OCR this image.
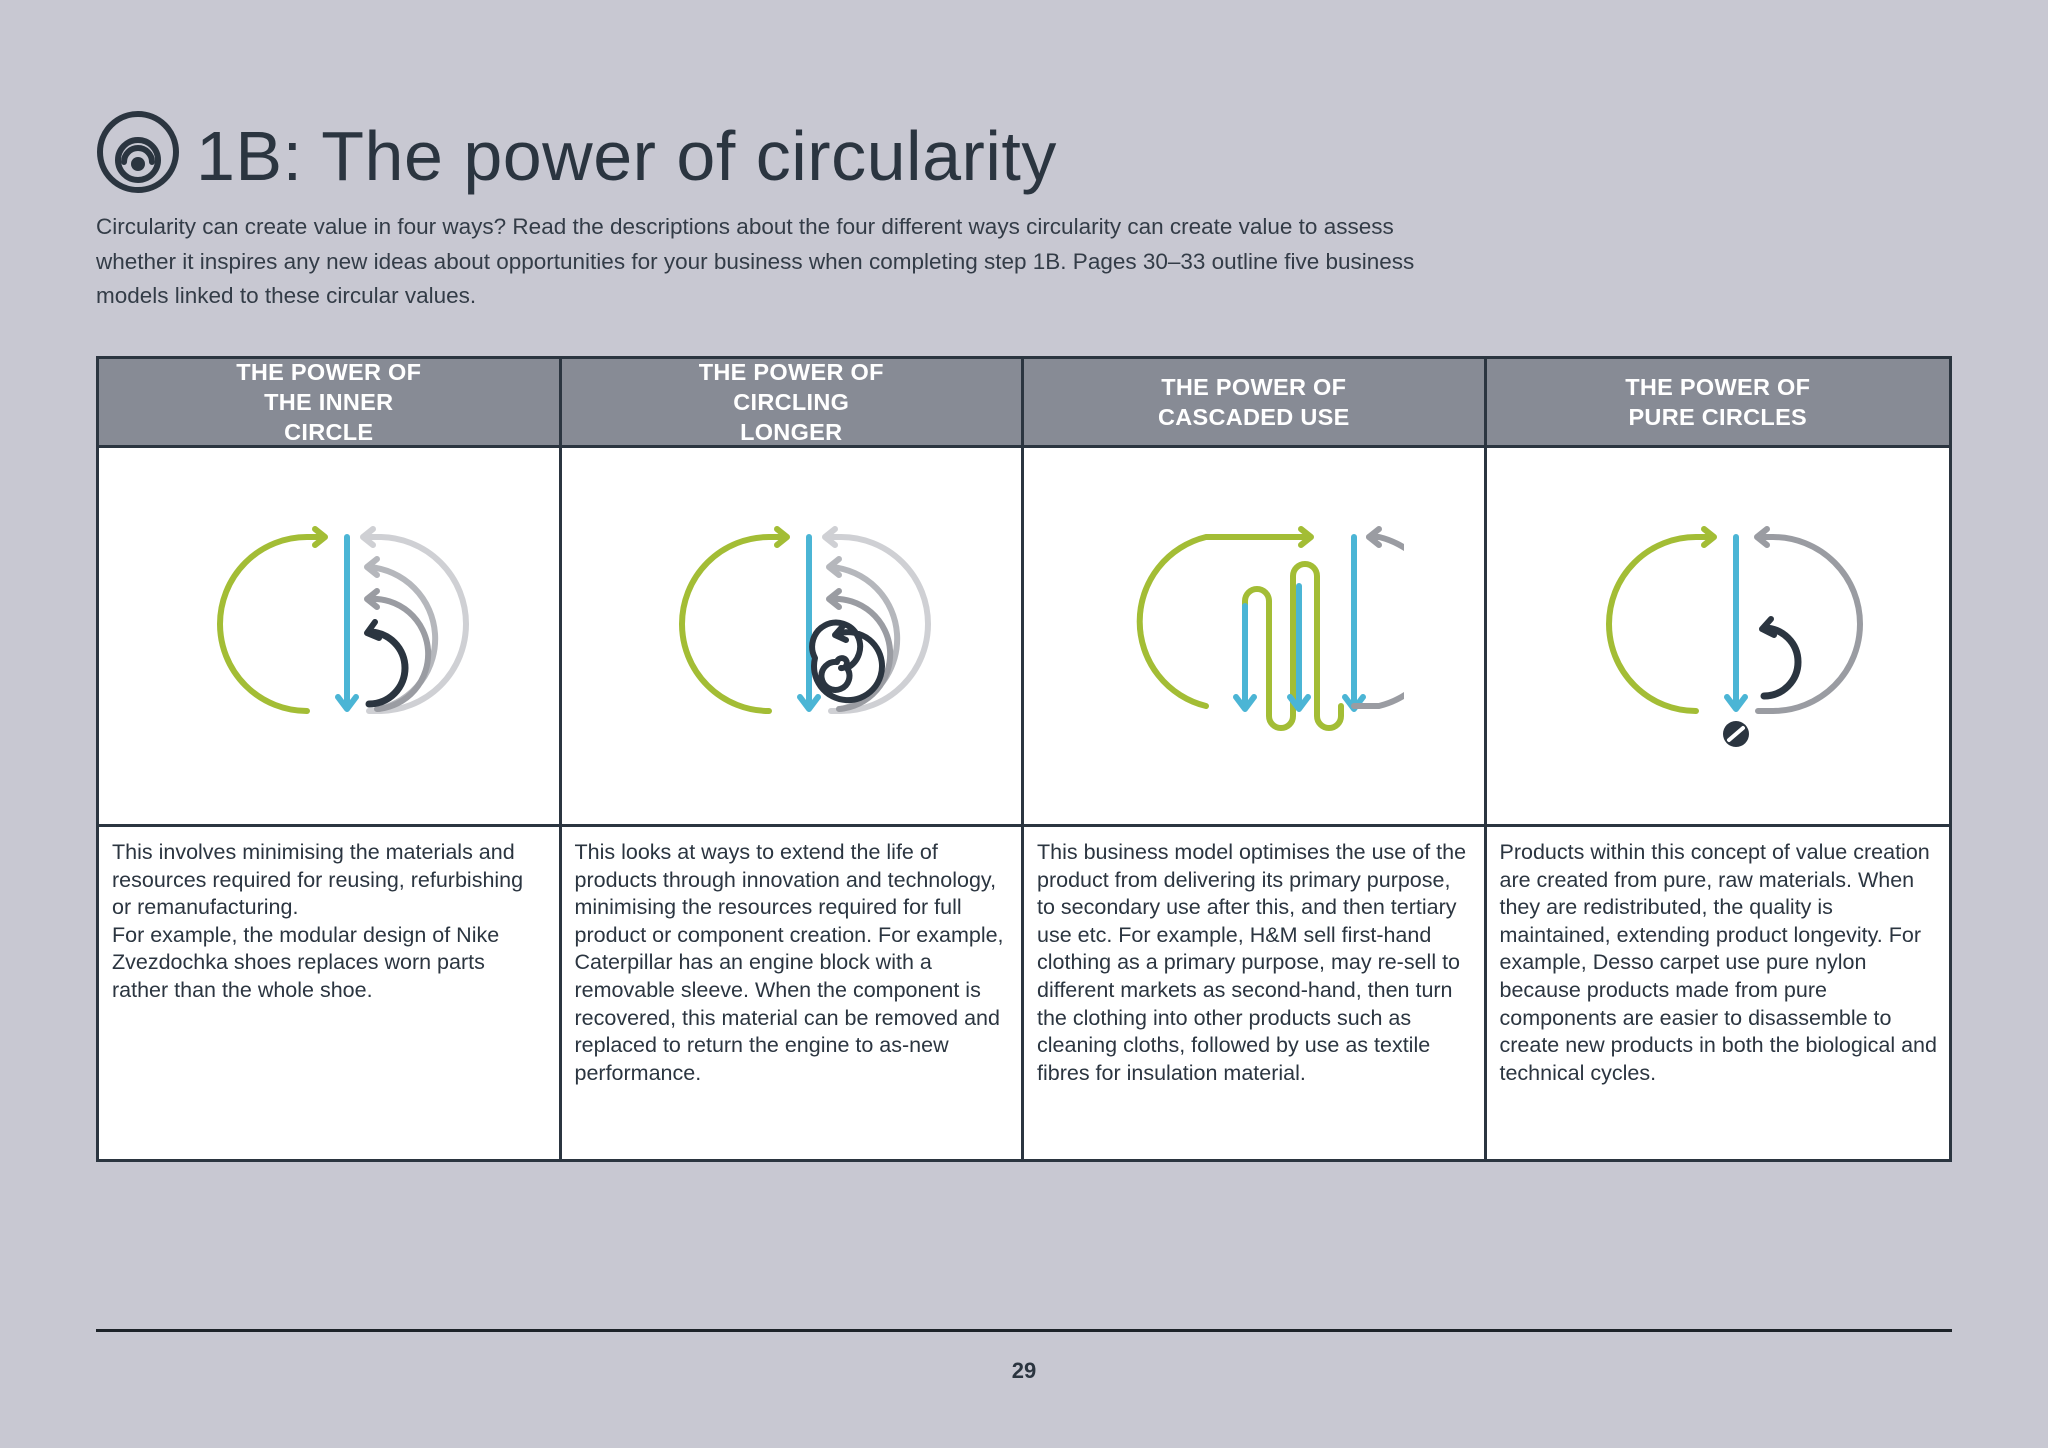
1B: The power of circularity

Circularity can create value in four ways? Read the descriptions about the four different ways circularity can create value to assess whether it inspires any new ideas about opportunities for your business when completing step 1B. Pages 30–33 outline five business models linked to these circular values.

THE POWER OF THE INNER CIRCLE
THE POWER OF CIRCLING LONGER
THE POWER OF CASCADED USE
THE POWER OF PURE CIRCLES
This involves minimising the materials and resources required for reusing, refurbishing or remanufacturing.
For example, the modular design of Nike Zvezdochka shoes replaces worn parts rather than the whole shoe.
This looks at ways to extend the life of products through innovation and technology, minimising the resources required for full product or component creation. For example, Caterpillar has an engine block with a removable sleeve. When the component is recovered, this material can be removed and replaced to return the engine to as-new performance.
This business model optimises the use of the product from delivering its primary purpose, to secondary use after this, and then tertiary use etc. For example, H&M sell first-hand clothing as a primary purpose, may re-sell to different markets as second-hand, then turn the clothing into other products such as cleaning cloths, followed by use as textile fibres for insulation material.
Products within this concept of value creation are created from pure, raw materials. When they are redistributed, the quality is maintained, extending product longevity. For example, Desso carpet use pure nylon because products made from pure components are easier to disassemble to create new products in both the biological and technical cycles.
29
